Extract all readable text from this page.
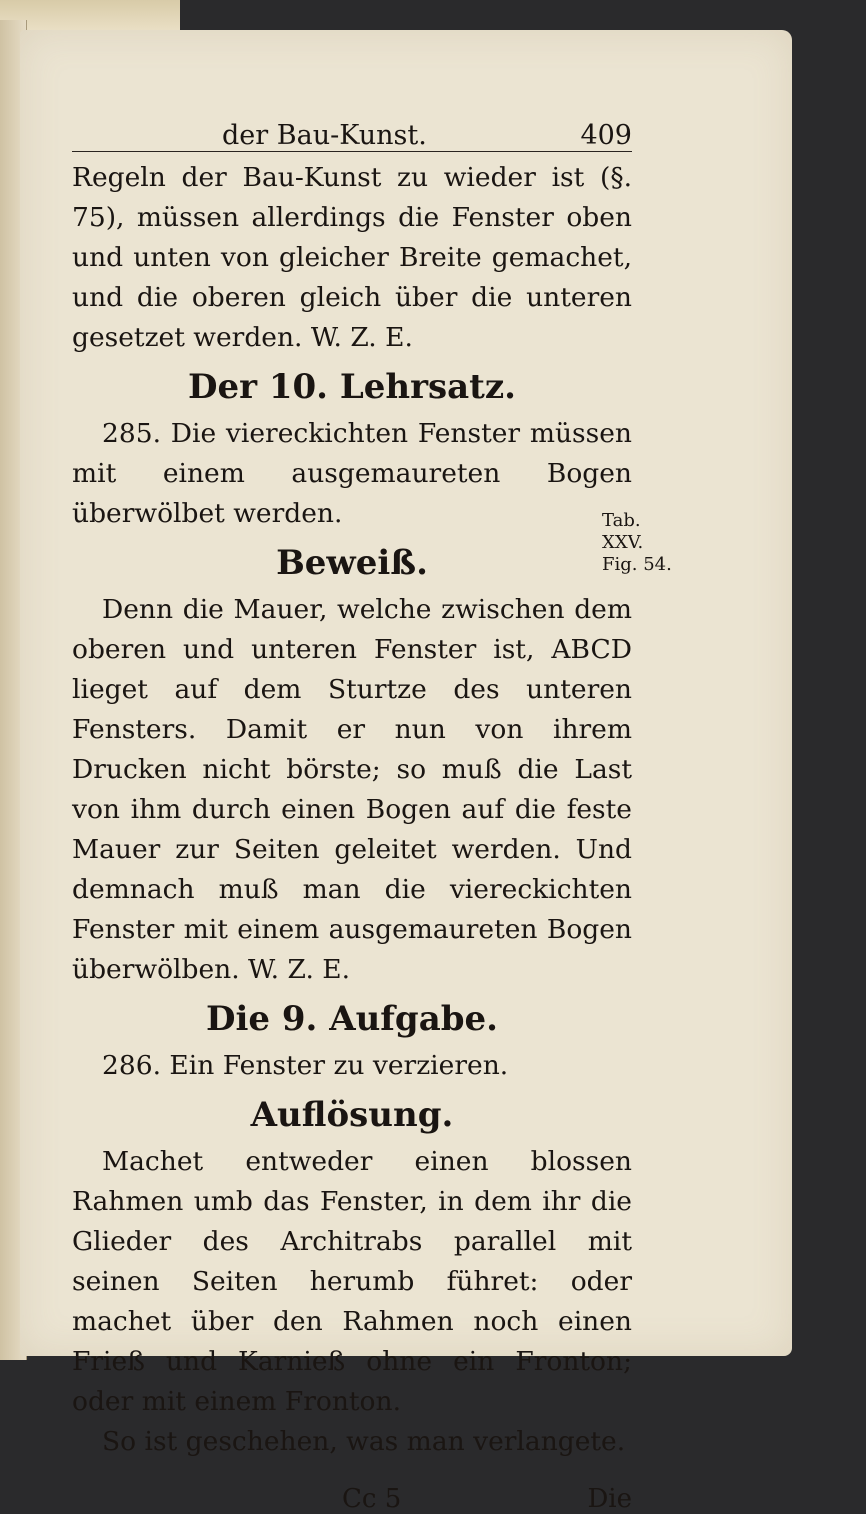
der Bau-Kunst.	409

Regeln der Bau-Kunst zu wieder ist (§. 75), müssen allerdings die Fenster oben und unten von gleicher Breite gemachet, und die oberen gleich über die unteren gesetzet werden. W. Z. E.

Der 10. Lehrsatz.

285. Die viereckichten Fenster müssen mit einem ausgemaureten Bogen überwölbet werden.

Beweiß.

Denn die Mauer, welche zwischen dem oberen und unteren Fenster ist, ABCD lieget auf dem Sturtze des unteren Fensters. Damit er nun von ihrem Drucken nicht börste; so muß die Last von ihm durch einen Bogen auf die feste Mauer zur Seiten geleitet werden. Und demnach muß man die viereckichten Fenster mit einem ausgemaureten Bogen überwölben. W. Z. E.

Die 9. Aufgabe.

286. Ein Fenster zu verzieren.

Auflösung.

Machet entweder einen blossen Rahmen umb das Fenster, in dem ihr die Glieder des Architrabs parallel mit seinen Seiten herumb führet: oder machet über den Rahmen noch einen Frieß und Karnieß ohne ein Fronton; oder mit einem Fronton.

So ist geschehen, was man verlangete.

Cc 5	Die
Tab.
XXV.
Fig. 54.
